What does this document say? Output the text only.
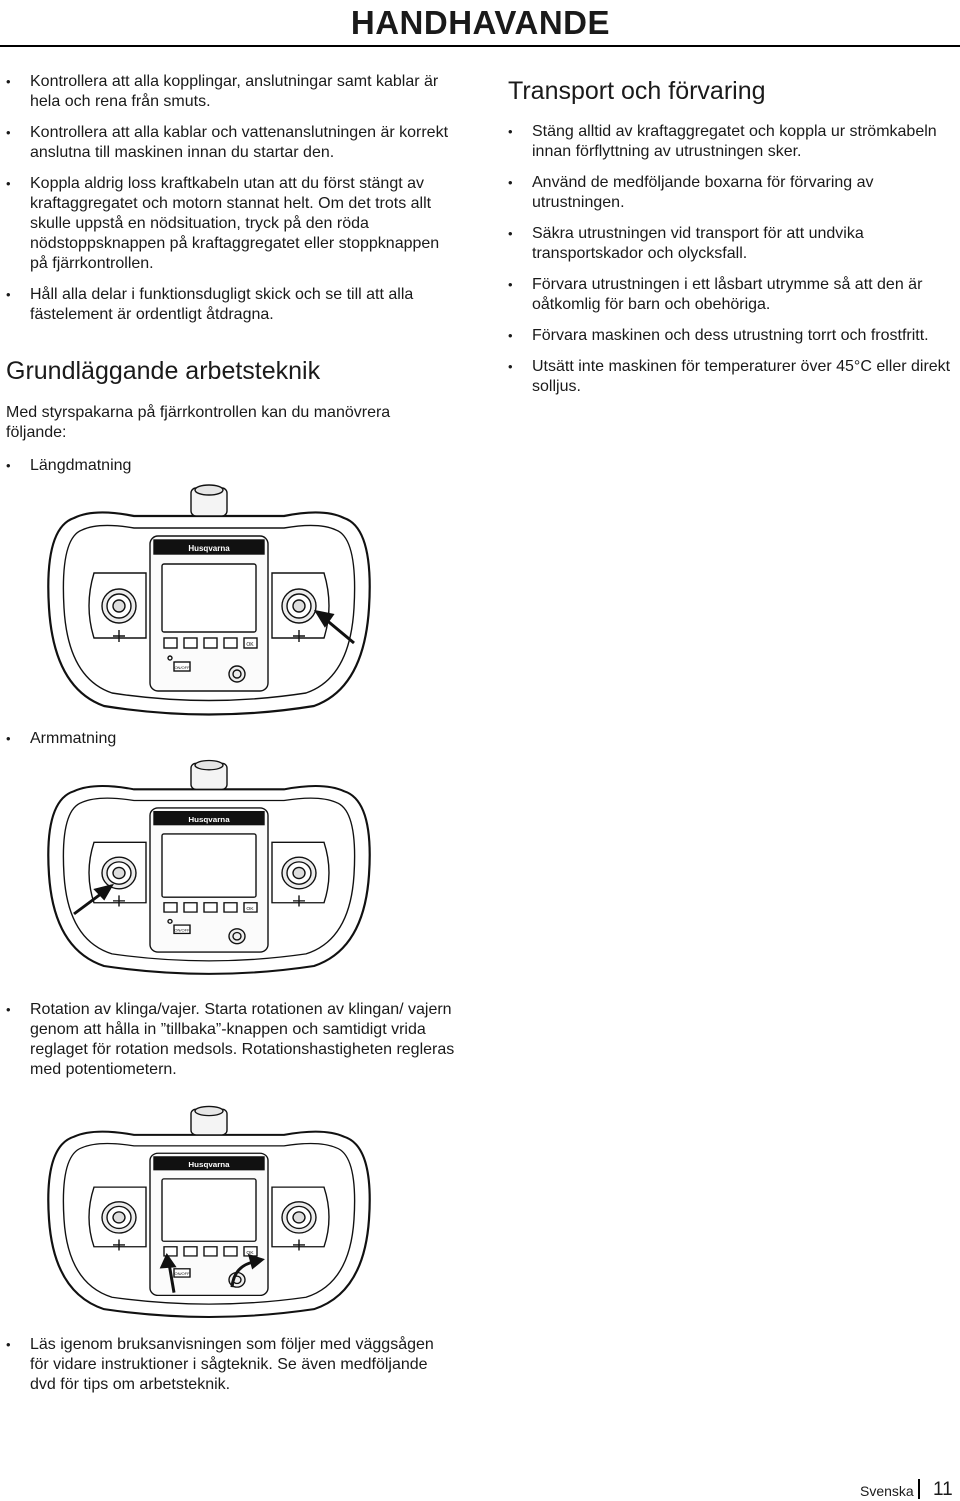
HANDHAVANDE
• Kontrollera att alla kopplingar, anslutningar samt kablar är hela och rena från smuts.
• Kontrollera att alla kablar och vattenanslutningen är korrekt anslutna till maskinen innan du startar den.
• Koppla aldrig loss kraftkabeln utan att du först stängt av kraftaggregatet och motorn stannat helt. Om det trots allt skulle uppstå en nödsituation, tryck på den röda nödstoppsknappen på kraftaggregatet eller stoppknappen på fjärrkontrollen.
• Håll alla delar i funktionsdugligt skick och se till att alla fästelement är ordentligt åtdragna.
Grundläggande arbetsteknik

Med styrspakarna på fjärrkontrollen kan du manövrera följande:

• Längdmatning
Husqvarna
OK
ON/OFF
• Armmatning
Husqvarna
OK
ON/OFF
• Rotation av klinga/vajer. Starta rotationen av klingan/ vajern genom att hålla in ”tillbaka”-knappen och samtidigt vrida reglaget för rotation medsols. Rotationshastigheten regleras med potentiometern.
Husqvarna
OK
ON/OFF
• Läs igenom bruksanvisningen som följer med väggsågen för vidare instruktioner i sågteknik. Se även medföljande dvd för tips om arbetsteknik.
Transport och förvaring
• Stäng alltid av kraftaggregatet och koppla ur strömkabeln innan förflyttning av utrustningen sker.
• Använd de medföljande boxarna för förvaring av utrustningen.
• Säkra utrustningen vid transport för att undvika transportskador och olycksfall.
• Förvara utrustningen i ett låsbart utrymme så att den är oåtkomlig för barn och obehöriga.
• Förvara maskinen och dess utrustning torrt och frostfritt.
• Utsätt inte maskinen för temperaturer över 45°C eller direkt solljus.
Svenska 11
